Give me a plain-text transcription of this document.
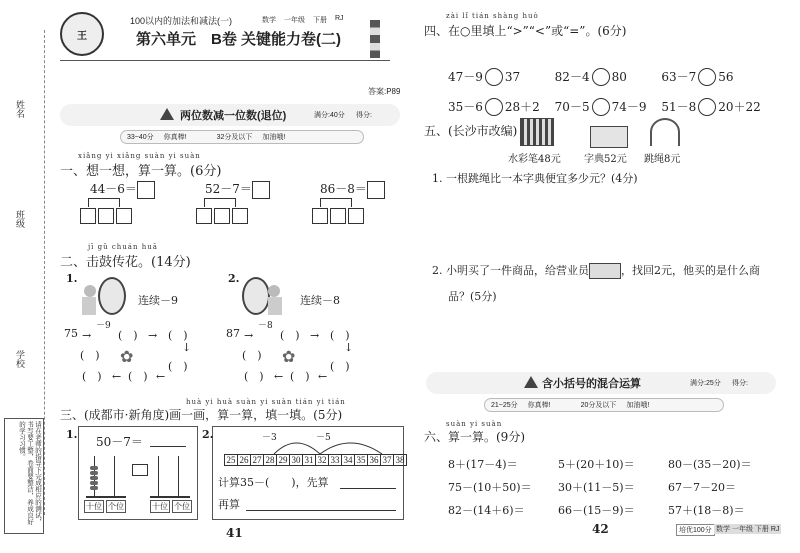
姓名
班级
学校
请在老师的指导下完成相应的测试，书写要工整，卷面要整洁，养成良好的学习习惯。
王
100以内的加法和减法(一)	数学 一年级 下册 RJ
第六单元　B卷 关键能力卷(二)
答案:P89
两位数减一位数(退位)	满分:40分 得分:
33~40分 你真棒!	32分及以下 加油哦!
xiǎng yi xiǎng suàn yi suàn
一、想一想，算一算。(6分)
44－6＝	52－7＝	86－8＝
jī gǔ chuán huā
二、击鼓传花。(14分)
1.
连续－9
75
－9
→ (　) → (　)
↓
(　) ✿
(　)
(　) ← (　) ←
2.
连续－8
87
－8
→ (　) → (　)
↓
(　) ✿
(　)
(　) ← (　) ←
huà yi huà suàn yi suàn tián yi tián
三、(成都市·新角度)画一画，算一算，填一填。(5分)
1.
50－7＝
十位 个位	十位 个位
2.	－3	－5
25 26 27 28 29 30 31 32 33 34 35 36 37 38
计算35－(　　)，先算
再算
41
zài lǐ tián shàng huò
四、在○里填上“>”“<”或“=”。(6分)
47－9 37	82－4 80	63－7 56
35－6 28＋2	70－5 74－9	51－8 20＋22
五、(长沙市改编)
水彩笔48元 字典52元 跳绳8元
1. 一根跳绳比一本字典便宜多少元？(4分)
2. 小明买了一件商品，给营业员	，找回2元，他买的是什么商
品？(5分)
含小括号的混合运算	满分:25分 得分:
21~25分 你真棒!	20分及以下 加油哦!
suàn yi suàn
六、算一算。(9分)
8＋(17－4)＝	5＋(20＋10)＝	80－(35－20)＝
75－(10＋50)＝	30＋(11－5)＝	67－7－20＝
82－(14＋6)＝	66－(15－9)＝	57＋(18－8)＝
42	培优100分 数学 一年级 下册 RJ
